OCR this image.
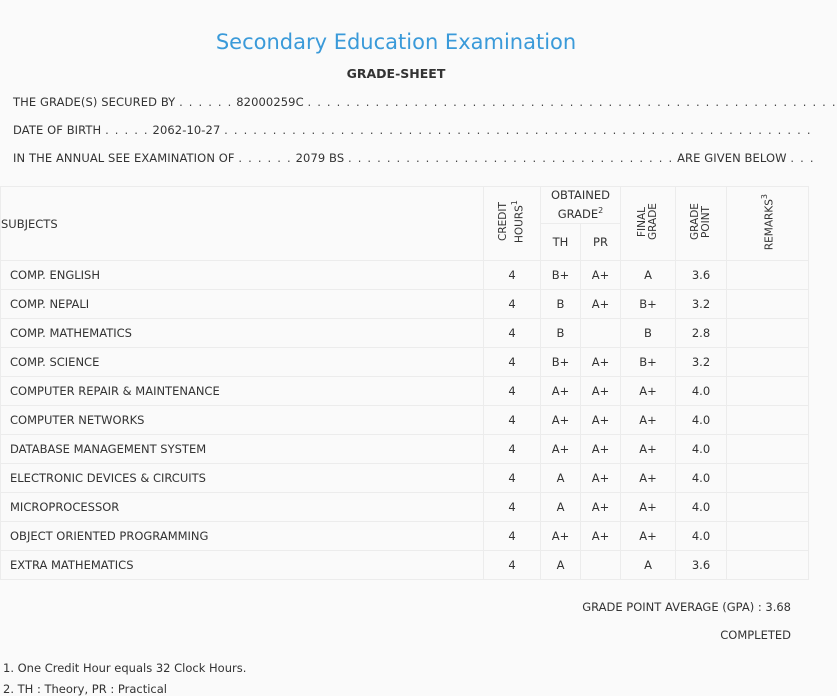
Secondary Education Examination
GRADE-SHEET
THE GRADE(S) SECURED BY . . . . . . 82000259C . . . . . . . . . . . . . . . . . . . . . . . . . . . . . . . . . . . . . . . . . . . . . . . . . . . . . . .
DATE OF BIRTH . . . . . 2062-10-27 . . . . . . . . . . . . . . . . . . . . . . . . . . . . . . . . . . . . . . . . . . . . . . . . . . . . . . . . . . . . .
IN THE ANNUAL SEE EXAMINATION OF . . . . . . 2079 BS . . . . . . . . . . . . . . . . . . . . . . . . . . . . . . . . . . ARE GIVEN BELOW . . .
SUBJECTS	CREDIT HOURS$^1$	OBTAINED GRADE$^2$		FINAL GRADE	GRADE POINT	REMARKS$^3$
		TH	PR			
COMP. ENGLISH	4	B+	A+	A	3.6	
COMP. NEPALI	4	B	A+	B+	3.2	
COMP. MATHEMATICS	4	B		B	2.8	
COMP. SCIENCE	4	B+	A+	B+	3.2	
COMPUTER REPAIR & MAINTENANCE	4	A+	A+	A+	4.0	
COMPUTER NETWORKS	4	A+	A+	A+	4.0	
DATABASE MANAGEMENT SYSTEM	4	A+	A+	A+	4.0	
ELECTRONIC DEVICES & CIRCUITS	4	A	A+	A+	4.0	
MICROPROCESSOR	4	A	A+	A+	4.0	
OBJECT ORIENTED PROGRAMMING	4	A+	A+	A+	4.0	
EXTRA MATHEMATICS	4	A		A	3.6	
GRADE POINT AVERAGE (GPA) : 3.68
COMPLETED
1. One Credit Hour equals 32 Clock Hours.
2. TH : Theory, PR : Practical
